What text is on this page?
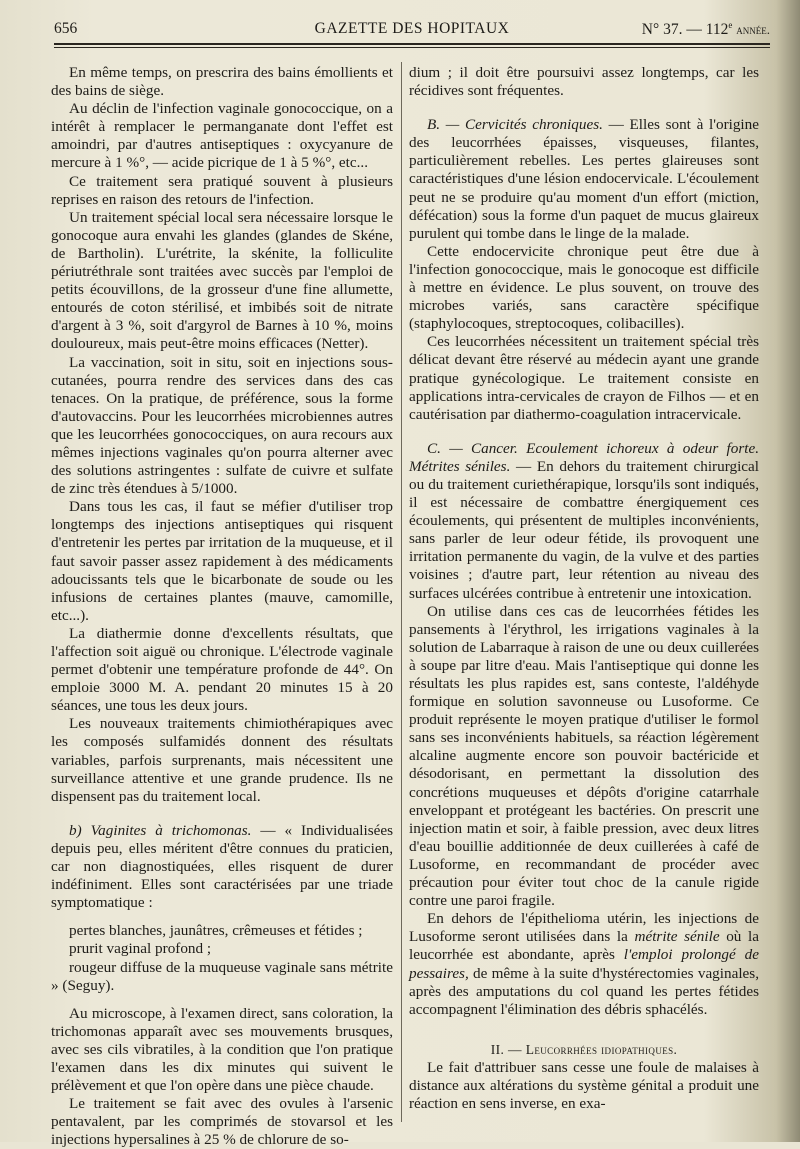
656	GAZETTE DES HOPITAUX	N° 37. — 112e année.

En même temps, on prescrira des bains émollients et des bains de siège.

Au déclin de l'infection vaginale gonococcique, on a intérêt à remplacer le permanganate dont l'effet est amoindri, par d'autres antiseptiques : oxycyanure de mercure à 1 %°, — acide picrique de 1 à 5 %°, etc...

Ce traitement sera pratiqué souvent à plusieurs reprises en raison des retours de l'infection.

Un traitement spécial local sera nécessaire lorsque le gonocoque aura envahi les glandes (glandes de Skéne, de Bartholin). L'urétrite, la skénite, la folliculite périutréthrale sont traitées avec succès par l'emploi de petits écouvillons, de la grosseur d'une fine allumette, entourés de coton stérilisé, et imbibés soit de nitrate d'argent à 3 %, soit d'argyrol de Barnes à 10 %, moins douloureux, mais peut-être moins efficaces (Netter).

La vaccination, soit in situ, soit en injections sous-cutanées, pourra rendre des services dans des cas tenaces. On la pratique, de préférence, sous la forme d'autovaccins. Pour les leucorrhées microbiennes autres que les leucorrhées gonococciques, on aura recours aux mêmes injections vaginales qu'on pourra alterner avec des solutions astringentes : sulfate de cuivre et sulfate de zinc très étendues à 5/1000.

Dans tous les cas, il faut se méfier d'utiliser trop longtemps des injections antiseptiques qui risquent d'entretenir les pertes par irritation de la muqueuse, et il faut savoir passer assez rapidement à des médicaments adoucissants tels que le bicarbonate de soude ou les infusions de certaines plantes (mauve, camomille, etc...).

La diathermie donne d'excellents résultats, que l'affection soit aiguë ou chronique. L'électrode vaginale permet d'obtenir une température profonde de 44°. On emploie 3000 M. A. pendant 20 minutes 15 à 20 séances, une tous les deux jours.

Les nouveaux traitements chimiothérapiques avec les composés sulfamidés donnent des résultats variables, parfois surprenants, mais nécessitent une surveillance attentive et une grande prudence. Ils ne dispensent pas du traitement local.

b) Vaginites à trichomonas. — « Individualisées depuis peu, elles méritent d'être connues du praticien, car non diagnostiquées, elles risquent de durer indéfiniment. Elles sont caractérisées par une triade symptomatique :

pertes blanches, jaunâtres, crêmeuses et fétides ;

prurit vaginal profond ;

rougeur diffuse de la muqueuse vaginale sans métrite » (Seguy).

Au microscope, à l'examen direct, sans coloration, la trichomonas apparaît avec ses mouvements brusques, avec ses cils vibratiles, à la condition que l'on pratique l'examen dans les dix minutes qui suivent le prélèvement et que l'on opère dans une pièce chaude.

Le traitement se fait avec des ovules à l'arsenic pentavalent, par les comprimés de stovarsol et les injections hypersalines à 25 % de chlorure de so-

dium ; il doit être poursuivi assez longtemps, car les récidives sont fréquentes.

B. — Cervicités chroniques. — Elles sont à l'origine des leucorrhées épaisses, visqueuses, filantes, particulièrement rebelles. Les pertes glaireuses sont caractéristiques d'une lésion endocervicale. L'écoulement peut ne se produire qu'au moment d'un effort (miction, défécation) sous la forme d'un paquet de mucus glaireux purulent qui tombe dans le linge de la malade.

Cette endocervicite chronique peut être due à l'infection gonococcique, mais le gonocoque est difficile à mettre en évidence. Le plus souvent, on trouve des microbes variés, sans caractère spécifique (staphylocoques, streptocoques, colibacilles).

Ces leucorrhées nécessitent un traitement spécial très délicat devant être réservé au médecin ayant une grande pratique gynécologique. Le traitement consiste en applications intra-cervicales de crayon de Filhos — et en cautérisation par diathermo-coagulation intracervicale.

C. — Cancer. Ecoulement ichoreux à odeur forte. Métrites séniles. — En dehors du traitement chirurgical ou du traitement curiethérapique, lorsqu'ils sont indiqués, il est nécessaire de combattre énergiquement ces écoulements, qui présentent de multiples inconvénients, sans parler de leur odeur fétide, ils provoquent une irritation permanente du vagin, de la vulve et des parties voisines ; d'autre part, leur rétention au niveau des surfaces ulcérées contribue à entretenir une intoxication.

On utilise dans ces cas de leucorrhées fétides les pansements à l'érythrol, les irrigations vaginales à la solution de Labarraque à raison de une ou deux cuillerées à soupe par litre d'eau. Mais l'antiseptique qui donne les résultats les plus rapides est, sans conteste, l'aldéhyde formique en solution savonneuse ou Lusoforme. Ce produit représente le moyen pratique d'utiliser le formol sans ses inconvénients habituels, sa réaction légèrement alcaline augmente encore son pouvoir bactéricide et désodorisant, en permettant la dissolution des concrétions muqueuses et dépôts d'origine catarrhale enveloppant et protégeant les bactéries. On prescrit une injection matin et soir, à faible pression, avec deux litres d'eau bouillie additionnée de deux cuillerées à café de Lusoforme, en recommandant de procéder avec précaution pour éviter tout choc de la canule rigide contre une paroi fragile.

En dehors de l'épithelioma utérin, les injections de Lusoforme seront utilisées dans la métrite sénile où la leucorrhée est abondante, après l'emploi prolongé de pessaires, de même à la suite d'hystérectomies vaginales, après des amputations du col quand les pertes fétides accompagnent l'élimination des débris sphacélés.

II. — Leucorrhées idiopathiques.

Le fait d'attribuer sans cesse une foule de malaises à distance aux altérations du système génital a produit une réaction en sens inverse, en exa-
